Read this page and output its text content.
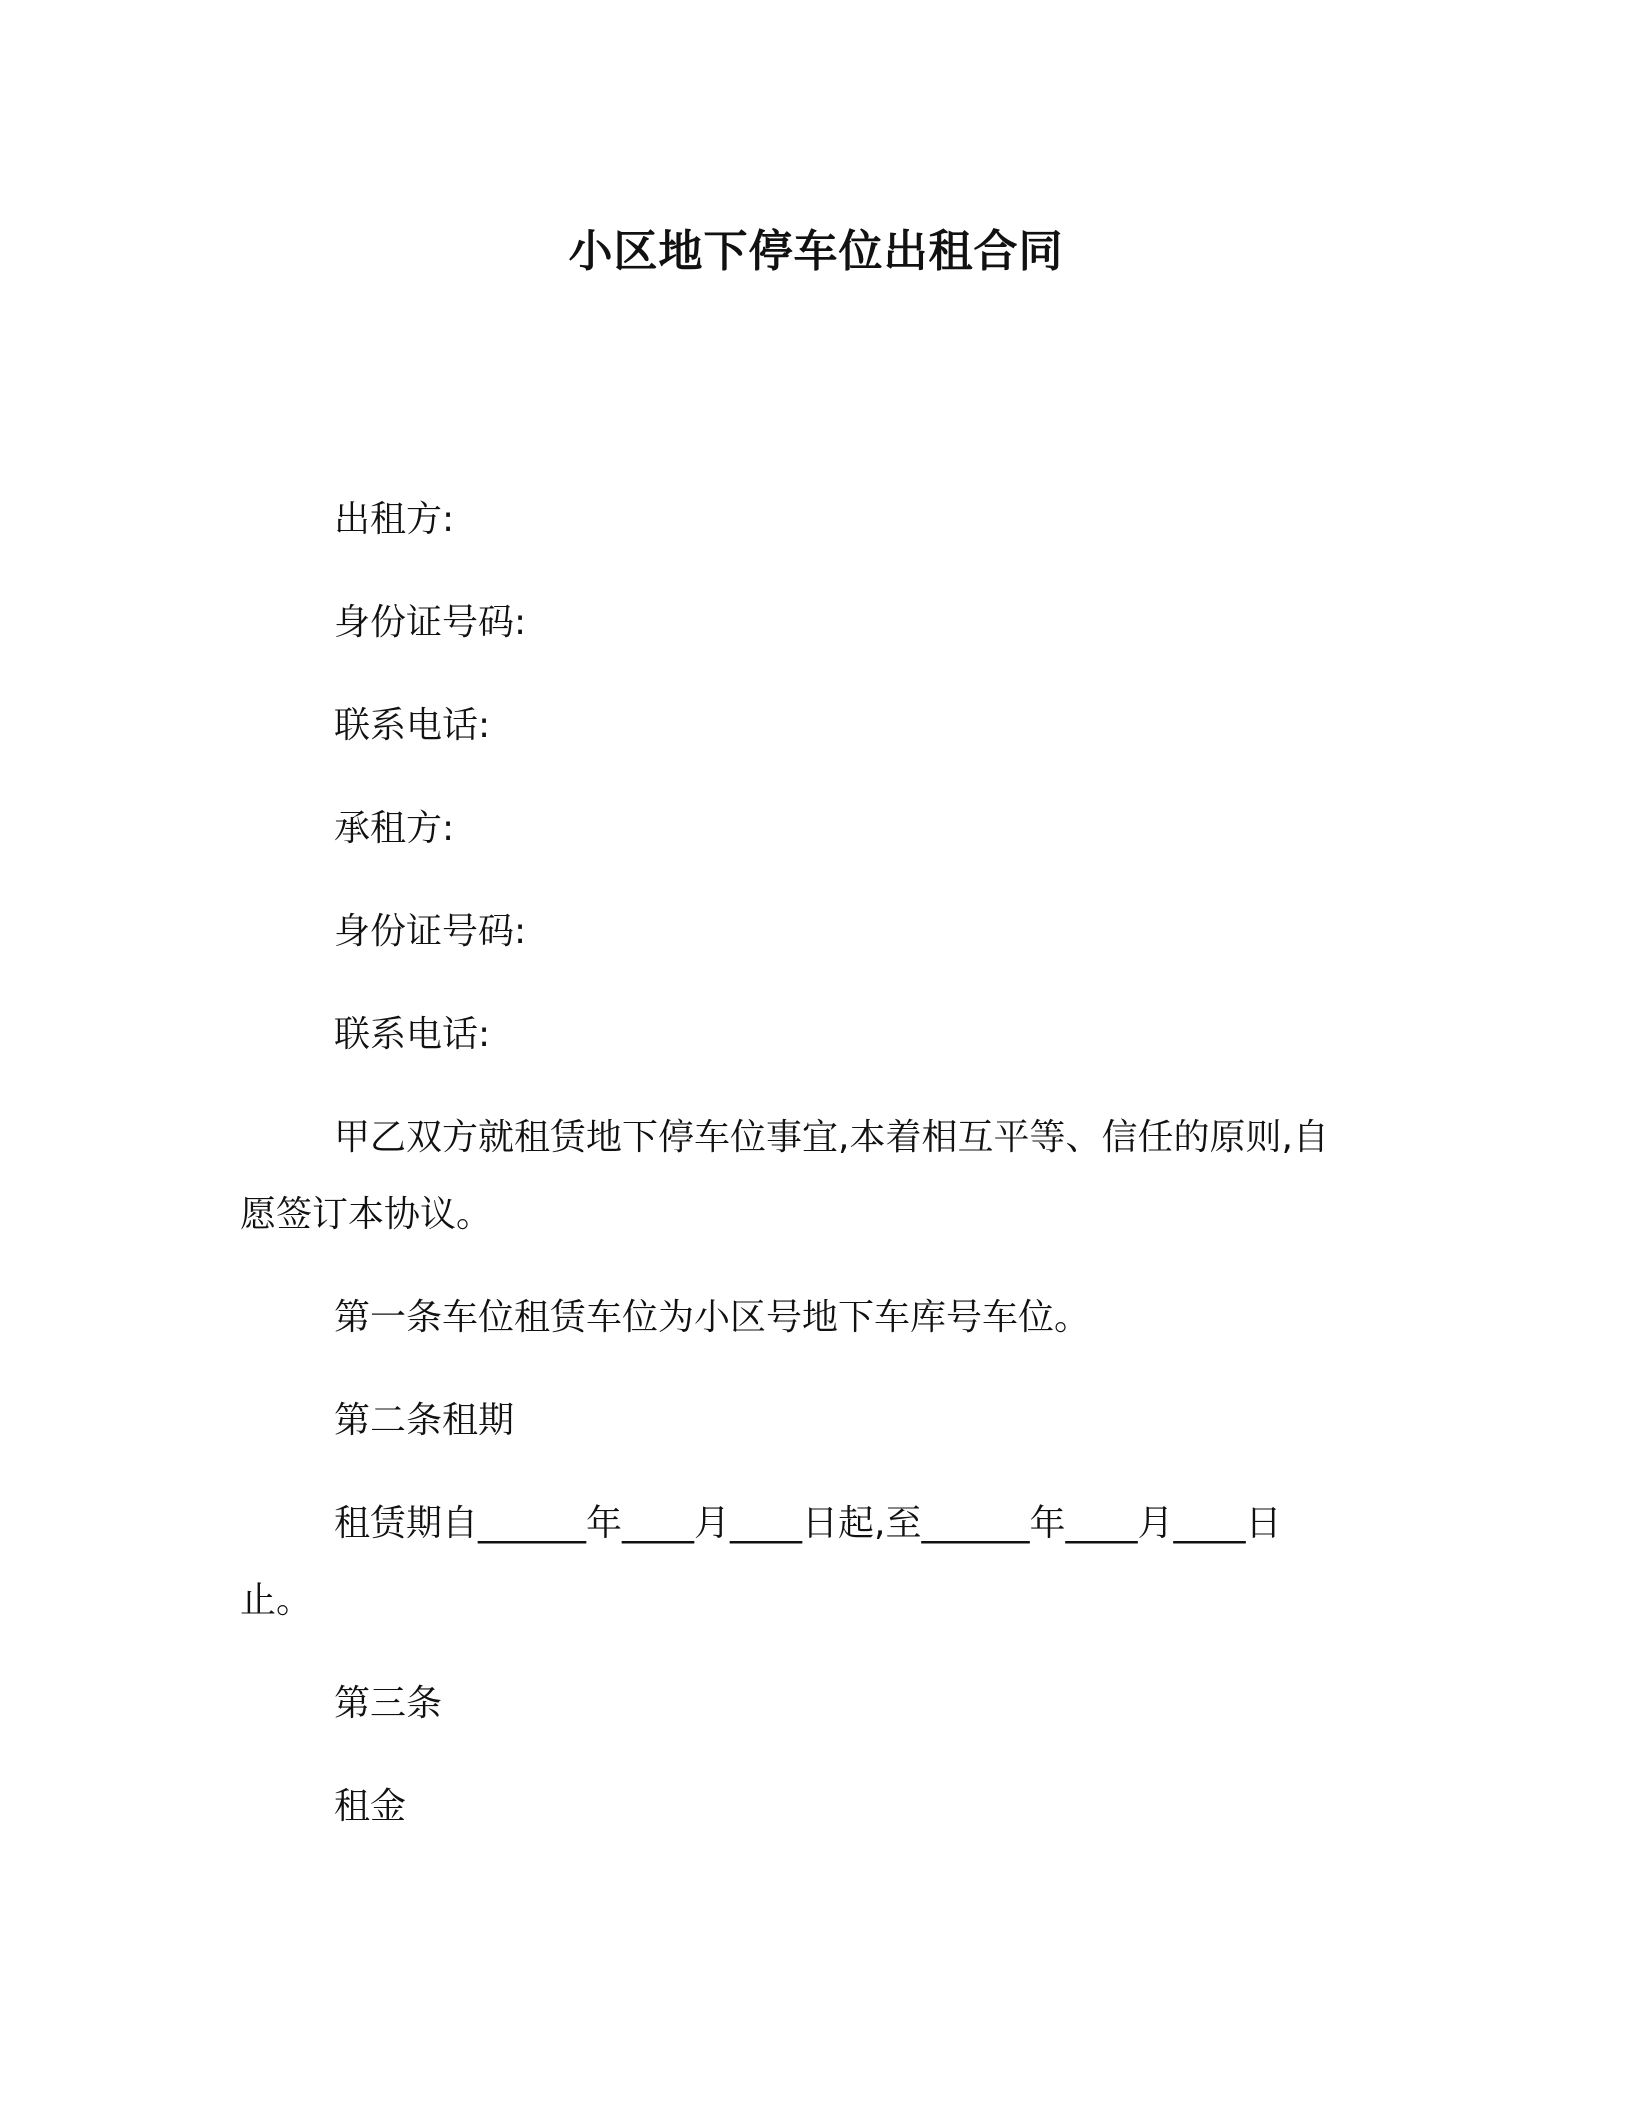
小区地下停车位出租合同
出租方:
身份证号码:
联系电话:
承租方:
身份证号码:
联系电话:
甲乙双方就租赁地下停车位事宜,本着相互平等、信任的原则,自
愿签订本协议。
第一条车位租赁车位为小区号地下车库号车位。
第二条租期
租赁期自______年____月____日起,至______年____月____日
止。
第三条
租金
